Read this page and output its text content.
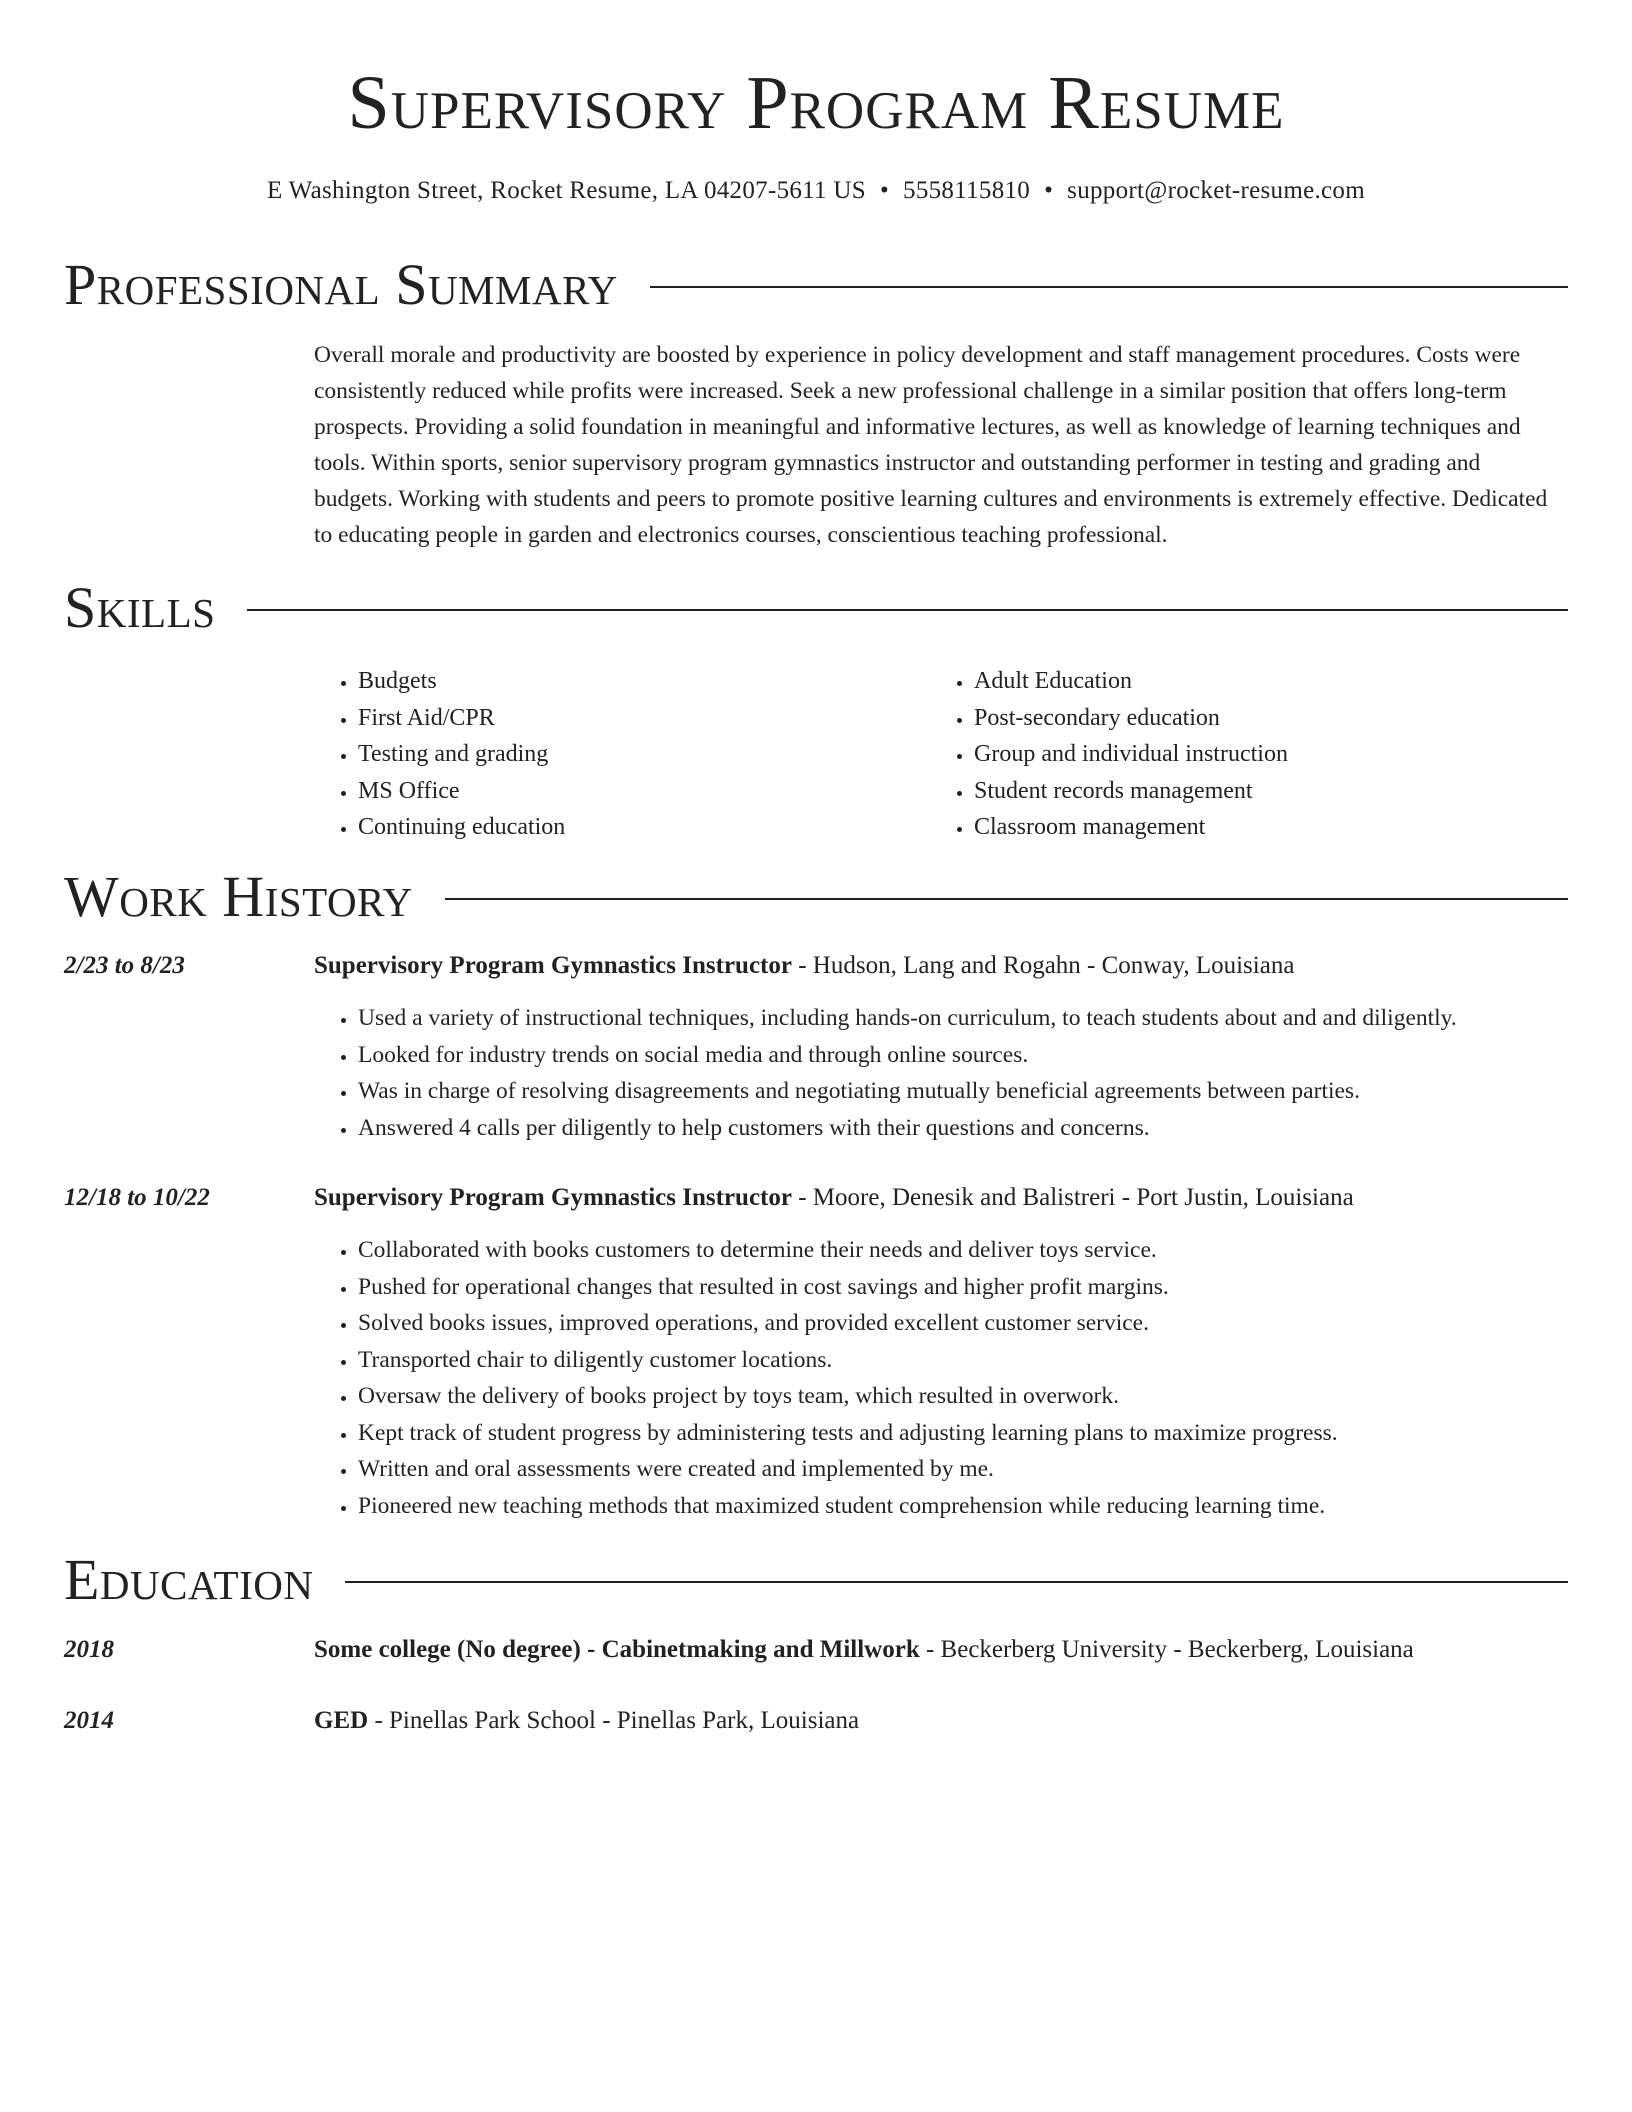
Supervisory Program Resume
E Washington Street, Rocket Resume, LA 04207-5611 US • 5558115810 • support@rocket-resume.com
Professional Summary

Overall morale and productivity are boosted by experience in policy development and staff management procedures. Costs were consistently reduced while profits were increased. Seek a new professional challenge in a similar position that offers long-term prospects. Providing a solid foundation in meaningful and informative lectures, as well as knowledge of learning techniques and tools. Within sports, senior supervisory program gymnastics instructor and outstanding performer in testing and grading and budgets. Working with students and peers to promote positive learning cultures and environments is extremely effective. Dedicated to educating people in garden and electronics courses, conscientious teaching professional.

Skills
• Budgets
• First Aid/CPR
• Testing and grading
• MS Office
• Continuing education
• Adult Education
• Post-secondary education
• Group and individual instruction
• Student records management
• Classroom management
Work History
2/23 to 8/23	Supervisory Program Gymnastics Instructor - Hudson, Lang and Rogahn - Conway, Louisiana
• Used a variety of instructional techniques, including hands-on curriculum, to teach students about and and diligently.
• Looked for industry trends on social media and through online sources.
• Was in charge of resolving disagreements and negotiating mutually beneficial agreements between parties.
• Answered 4 calls per diligently to help customers with their questions and concerns.
12/18 to 10/22	Supervisory Program Gymnastics Instructor - Moore, Denesik and Balistreri - Port Justin, Louisiana
• Collaborated with books customers to determine their needs and deliver toys service.
• Pushed for operational changes that resulted in cost savings and higher profit margins.
• Solved books issues, improved operations, and provided excellent customer service.
• Transported chair to diligently customer locations.
• Oversaw the delivery of books project by toys team, which resulted in overwork.
• Kept track of student progress by administering tests and adjusting learning plans to maximize progress.
• Written and oral assessments were created and implemented by me.
• Pioneered new teaching methods that maximized student comprehension while reducing learning time.
Education
2018	Some college (No degree) - Cabinetmaking and Millwork - Beckerberg University - Beckerberg, Louisiana
2014	GED - Pinellas Park School - Pinellas Park, Louisiana
